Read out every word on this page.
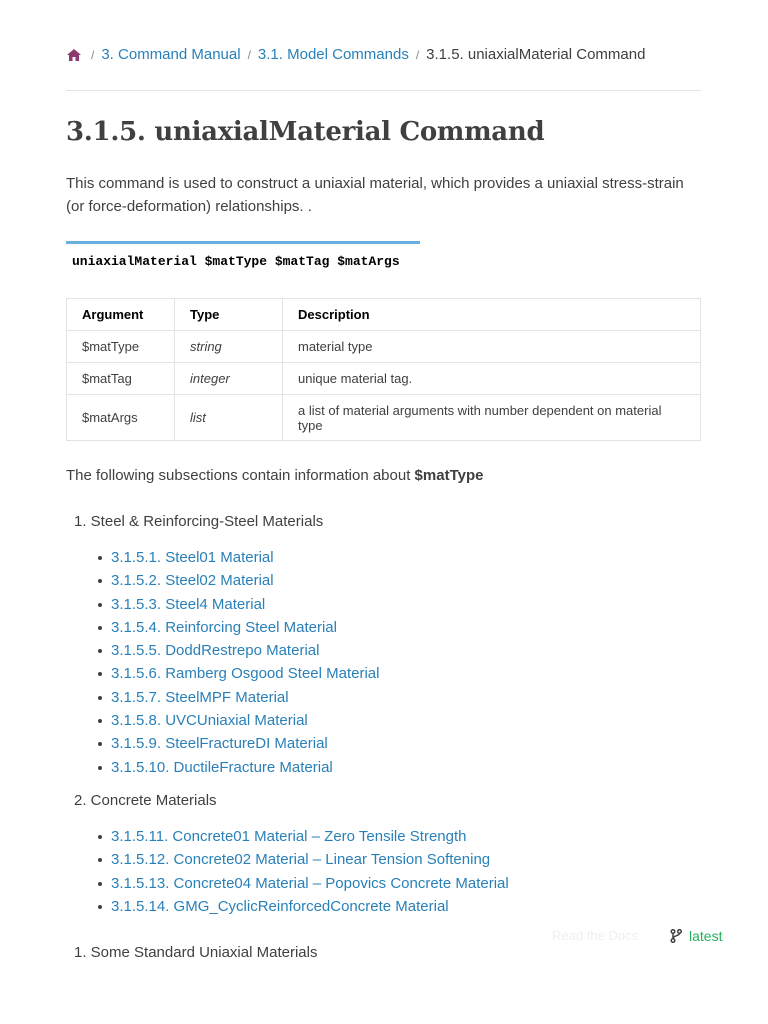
/ 3. Command Manual / 3.1. Model Commands / 3.1.5. uniaxialMaterial Command
3.1.5. uniaxialMaterial Command

This command is used to construct a uniaxial material, which provides a uniaxial stress-strain (or force-deformation) relationships. .

uniaxialMaterial $matType $matTag $matArgs
Argument	Type	Description
$matType	string	material type
$matTag	integer	unique material tag.
$matArgs	list	a list of material arguments with number dependent on material type

The following subsections contain information about $matType

1. Steel & Reinforcing-Steel Materials
3.1.5.1. Steel01 Material
3.1.5.2. Steel02 Material
3.1.5.3. Steel4 Material
3.1.5.4. Reinforcing Steel Material
3.1.5.5. DoddRestrepo Material
3.1.5.6. Ramberg Osgood Steel Material
3.1.5.7. SteelMPF Material
3.1.5.8. UVCUniaxial Material
3.1.5.9. SteelFractureDI Material
3.1.5.10. DuctileFracture Material
2. Concrete Materials
3.1.5.11. Concrete01 Material – Zero Tensile Strength
3.1.5.12. Concrete02 Material – Linear Tension Softening
3.1.5.13. Concrete04 Material – Popovics Concrete Material
3.1.5.14. GMG_CyclicReinforcedConcrete Material
1. Some Standard Uniaxial Materials
Read the Docs	latest
